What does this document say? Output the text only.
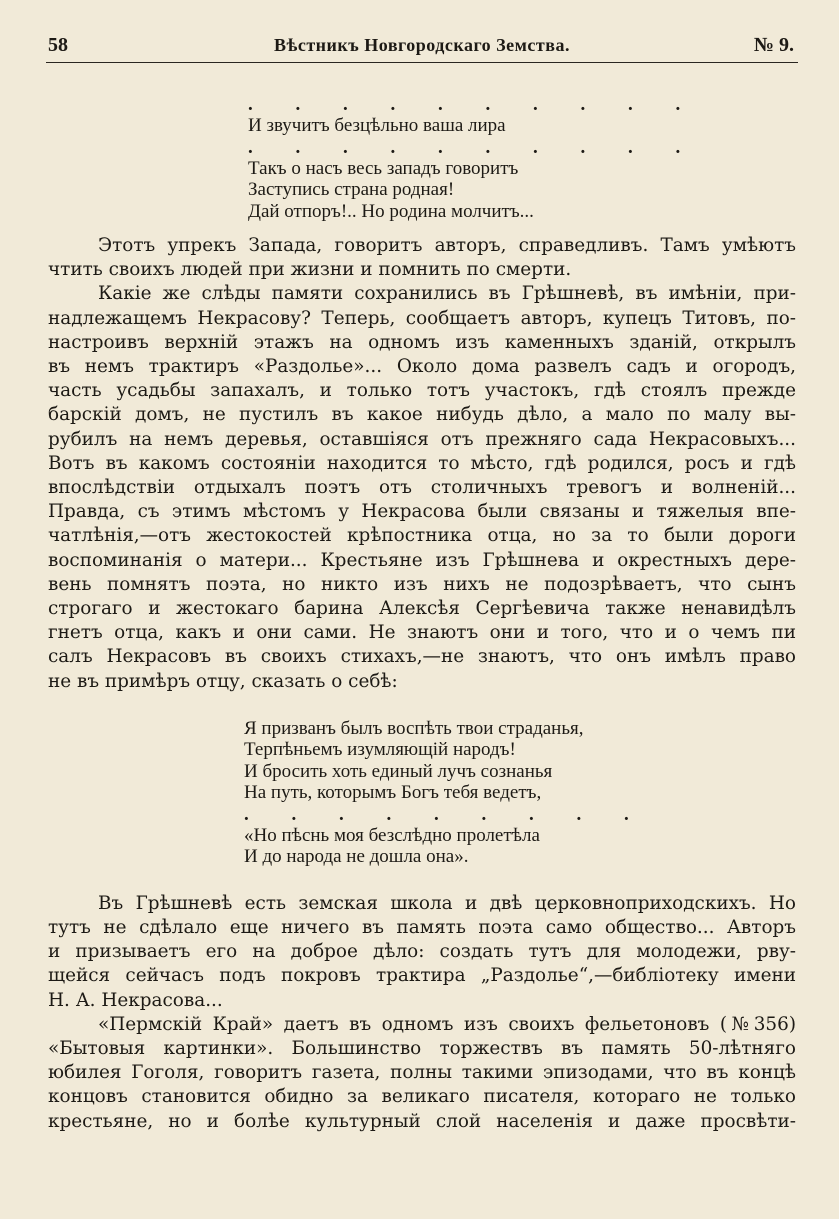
58	Вѣстникъ Новгородскаго Земства.	№ 9.
. . . . . . . . . .
И звучитъ безцѣльно ваша лира
. . . . . . . . . .
Такъ о насъ весь западъ говоритъ
Заступись страна родная!
Дай отпоръ!.. Но родина молчитъ...
Этотъ упрекъ Запада, говоритъ авторъ, справедливъ. Тамъ умѣютъ
чтить своихъ людей при жизни и помнить по смерти.
Какіе же слѣды памяти сохранились въ Грѣшневѣ, въ имѣніи, при-
надлежащемъ Некрасову? Теперь, сообщаетъ авторъ, купецъ Титовъ, по-
настроивъ верхній этажъ на одномъ изъ каменныхъ зданій, открылъ
въ немъ трактиръ «Раздолье»... Около дома развелъ садъ и огородъ,
часть усадьбы запахалъ, и только тотъ участокъ, гдѣ стоялъ прежде
барскій домъ, не пустилъ въ какое нибудь дѣло, а мало по малу вы-
рубилъ на немъ деревья, оставшіяся отъ прежняго сада Некрасовыхъ...
Вотъ въ какомъ состояніи находится то мѣсто, гдѣ родился, росъ и гдѣ
впослѣдствіи отдыхалъ поэтъ отъ столичныхъ тревогъ и волненій...
Правда, съ этимъ мѣстомъ у Некрасова были связаны и тяжелыя впе-
чатлѣнія,—отъ жестокостей крѣпостника отца, но за то были дороги
воспоминанія о матери... Крестьяне изъ Грѣшнева и окрестныхъ дере-
вень помнятъ поэта, но никто изъ нихъ не подозрѣваетъ, что сынъ
строгаго и жестокаго барина Алексѣя Сергѣевича также ненавидѣлъ
гнетъ отца, какъ и они сами. Не знаютъ они и того, что и о чемъ пи
салъ Некрасовъ въ своихъ стихахъ,—не знаютъ, что онъ имѣлъ право
не въ примѣръ отцу, сказать о себѣ:
Я призванъ былъ воспѣть твои страданья,
Терпѣньемъ изумляющій народъ!
И бросить хоть единый лучъ сознанья
На путь, которымъ Богъ тебя ведетъ,
. . . . . . . . .
«Но пѣснь моя безслѣдно пролетѣла
И до народа не дошла она».
Въ Грѣшневѣ есть земская школа и двѣ церковноприходскихъ. Но
тутъ не сдѣлало еще ничего въ память поэта само общество... Авторъ
и призываетъ его на доброе дѣло: создать тутъ для молодежи, рву-
щейся сейчасъ подъ покровъ трактира „Раздолье“,—библіотеку имени
Н. А. Некрасова...
«Пермскій Край» даетъ въ одномъ изъ своихъ фельетоновъ (№356)
«Бытовыя картинки». Большинство торжествъ въ память 50-лѣтняго
юбилея Гоголя, говоритъ газета, полны такими эпизодами, что въ концѣ
концовъ становится обидно за великаго писателя, котораго не только
крестьяне, но и болѣе культурный слой населенія и даже просвѣти-
